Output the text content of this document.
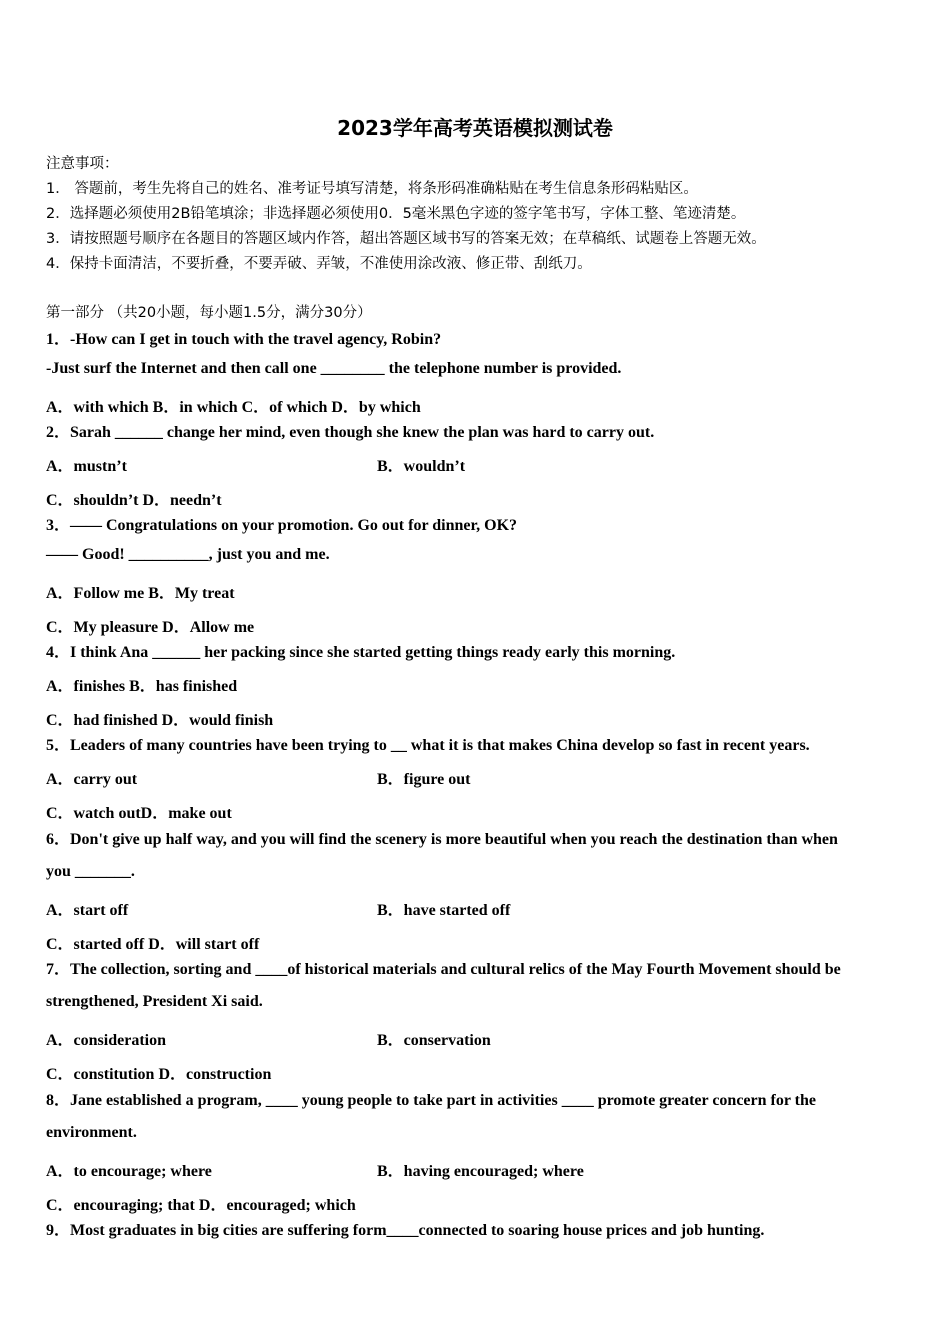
2023学年高考英语模拟测试卷
注意事项：
1． 答题前，考生先将自己的姓名、准考证号填写清楚，将条形码准确粘贴在考生信息条形码粘贴区。
2．选择题必须使用2B铅笔填涂；非选择题必须使用0．5毫米黑色字迹的签字笔书写，字体工整、笔迹清楚。
3．请按照题号顺序在各题目的答题区域内作答，超出答题区域书写的答案无效；在草稿纸、试题卷上答题无效。
4．保持卡面清洁，不要折叠，不要弄破、弄皱，不准使用涂改液、修正带、刮纸刀。
第一部分 （共20小题，每小题1.5分，满分30分）
1．-How can I get in touch with the travel agency, Robin?
-Just surf the Internet and then call one ________ the telephone number is provided.
A．with which B．in which C．of which D．by which
2．Sarah ______ change her mind, even though she knew the plan was hard to carry out.
A．mustn’t	B．wouldn’t
C．shouldn’t D．needn’t
3．—— Congratulations on your promotion. Go out for dinner, OK?
—— Good! __________, just you and me.
A．Follow me B．My treat
C．My pleasure D．Allow me
4．I think Ana ______ her packing since she started getting things ready early this morning.
A．finishes B．has finished
C．had finished D．would finish
5．Leaders of many countries have been trying to __ what it is that makes China develop so fast in recent years.
A．carry out	B．figure out
C．watch outD．make out
6．Don't give up half way, and you will find the scenery is more beautiful when you reach the destination than when
you _______.
A．start off	B．have started off
C．started off D．will start off
7．The collection, sorting and ____of historical materials and cultural relics of the May Fourth Movement should be
strengthened, President Xi said.
A．consideration	B．conservation
C．constitution D．construction
8．Jane established a program, ____ young people to take part in activities ____ promote greater concern for the
environment.
A．to encourage; where	B．having encouraged; where
C．encouraging; that D．encouraged; which
9．Most graduates in big cities are suffering form____connected to soaring house prices and job hunting.
